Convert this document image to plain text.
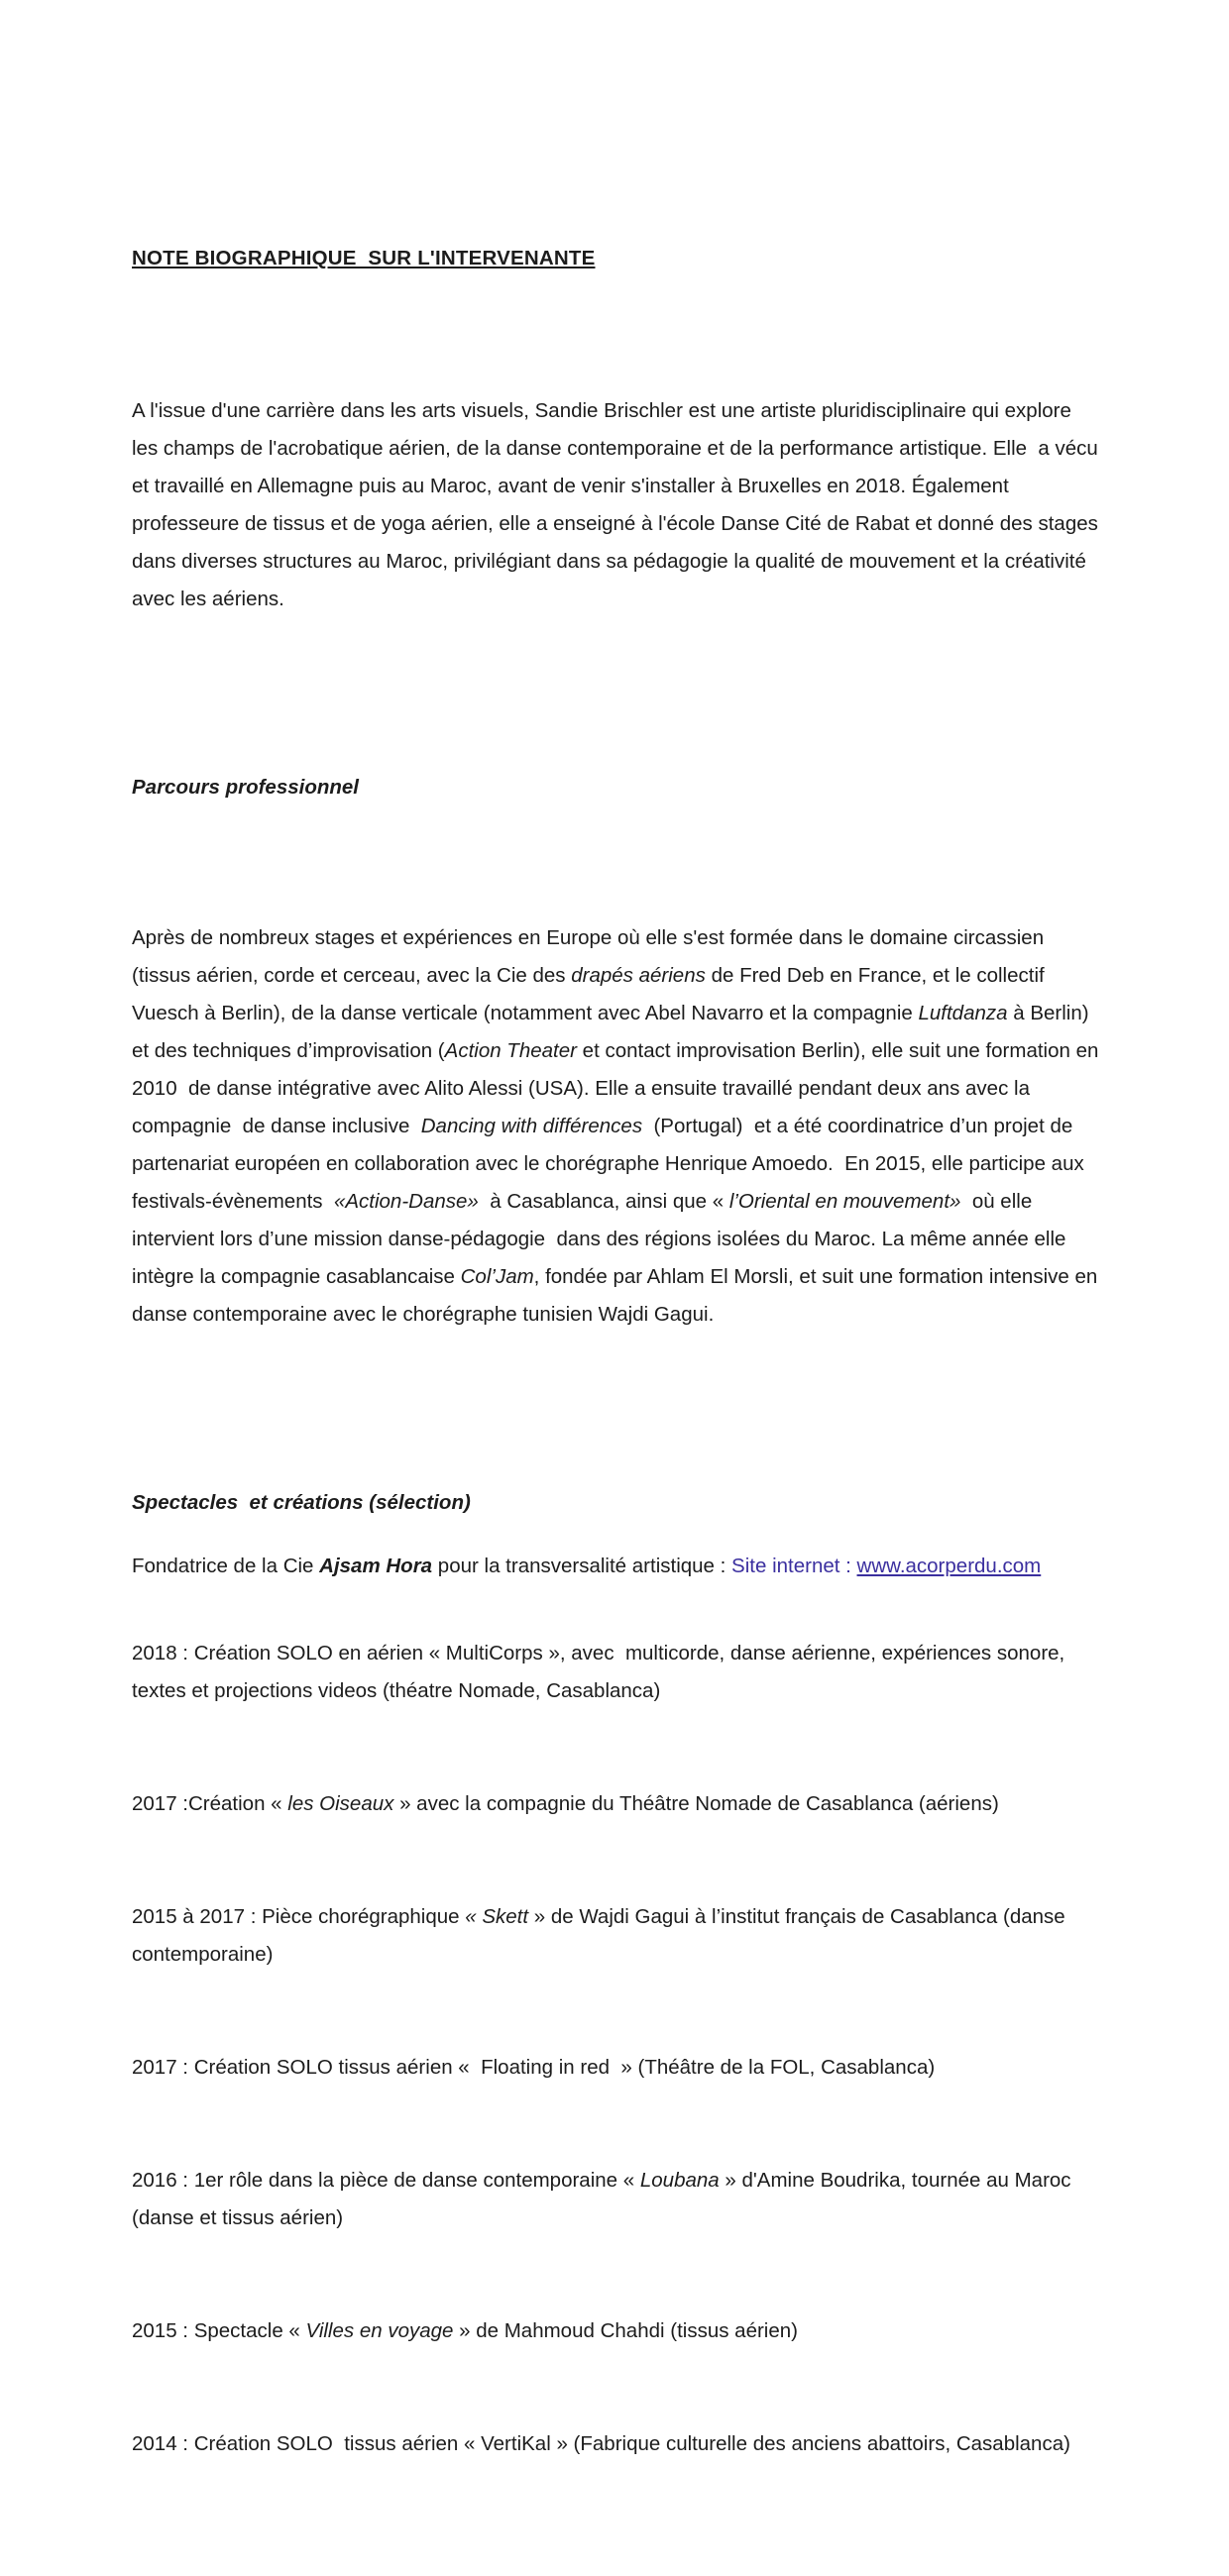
NOTE BIOGRAPHIQUE  SUR L'INTERVENANTE

A l'issue d'une carrière dans les arts visuels, Sandie Brischler est une artiste pluridisciplinaire qui explore les champs de l'acrobatique aérien, de la danse contemporaine et de la performance artistique. Elle  a vécu et travaillé en Allemagne puis au Maroc, avant de venir s'installer à Bruxelles en 2018. Également professeure de tissus et de yoga aérien, elle a enseigné à l'école Danse Cité de Rabat et donné des stages dans diverses structures au Maroc, privilégiant dans sa pédagogie la qualité de mouvement et la créativité avec les aériens.

Parcours professionnel

Après de nombreux stages et expériences en Europe où elle s'est formée dans le domaine circassien (tissus aérien, corde et cerceau, avec la Cie des drapés aériens de Fred Deb en France, et le collectif Vuesch à Berlin), de la danse verticale (notamment avec Abel Navarro et la compagnie Luftdanza à Berlin)  et des techniques d’improvisation (Action Theater et contact improvisation Berlin), elle suit une formation en 2010  de danse intégrative avec Alito Alessi (USA). Elle a ensuite travaillé pendant deux ans avec la compagnie  de danse inclusive  Dancing with différences  (Portugal)  et a été coordinatrice d’un projet de partenariat européen en collaboration avec le chorégraphe Henrique Amoedo.  En 2015, elle participe aux festivals-évènements  «Action-Danse»  à Casablanca, ainsi que « l’Oriental en mouvement»  où elle intervient lors d’une mission danse-pédagogie  dans des régions isolées du Maroc. La même année elle intègre la compagnie casablancaise Col’Jam, fondée par Ahlam El Morsli, et suit une formation intensive en danse contemporaine avec le chorégraphe tunisien Wajdi Gagui.

Spectacles  et créations (sélection)

2018 : Création SOLO en aérien « MultiCorps », avec  multicorde, danse aérienne, expériences sonore, textes et projections videos (théatre Nomade, Casablanca)

2017 :Création « les Oiseaux » avec la compagnie du Théâtre Nomade de Casablanca (aériens)

2015 à 2017 : Pièce chorégraphique « Skett » de Wajdi Gagui à l’institut français de Casablanca (danse contemporaine)

2017 : Création SOLO tissus aérien «  Floating in red  » (Théâtre de la FOL, Casablanca)

2016 : 1er rôle dans la pièce de danse contemporaine « Loubana » d'Amine Boudrika, tournée au Maroc (danse et tissus aérien)

2015 : Spectacle « Villes en voyage » de Mahmoud Chahdi (tissus aérien)

2014 : Création SOLO  tissus aérien « VertiKal » (Fabrique culturelle des anciens abattoirs, Casablanca)

Fondatrice de la Cie Ajsam Hora pour la transversalité artistique : Site internet : www.acorperdu.com
